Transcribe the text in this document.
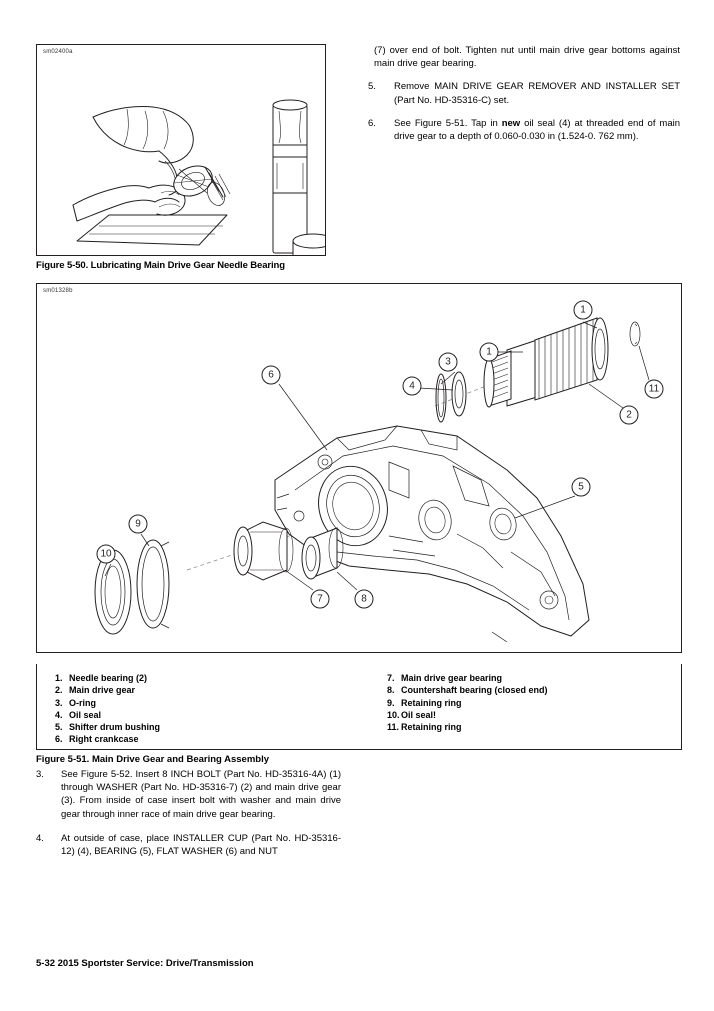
sm02400a
Figure 5-50. Lubricating Main Drive Gear Needle Bearing
(7) over end of bolt. Tighten nut until main drive gear bottoms against main drive gear bearing.
5. Remove MAIN DRIVE GEAR REMOVER AND INSTALLER SET (Part No. HD-35316-C) set.
6. See Figure 5-51. Tap in new oil seal (4) at threaded end of main drive gear to a depth of 0.060-0.030 in (1.524-0. 762 mm).
sm01328b
1
1
3
4	11
2
6
5
9
10
7	8
1. Needle bearing (2)
2. Main drive gear
3. O-ring
4. Oil seal
5. Shifter drum bushing
6. Right crankcase
7. Main drive gear bearing
8. Countershaft bearing (closed end)
9. Retaining ring
10.Oil seal!
11. Retaining ring
Figure 5-51. Main Drive Gear and Bearing Assembly
3. See Figure 5-52. Insert 8 INCH BOLT (Part No. HD-35316-4A) (1) through WASHER (Part No. HD-35316-7) (2) and main drive gear (3). From inside of case insert bolt with washer and main drive gear through inner race of main drive gear bearing.
4. At outside of case, place INSTALLER CUP (Part No. HD-35316-12) (4), BEARING (5), FLAT WASHER (6) and NUT
5-32 2015 Sportster Service: Drive/Transmission
